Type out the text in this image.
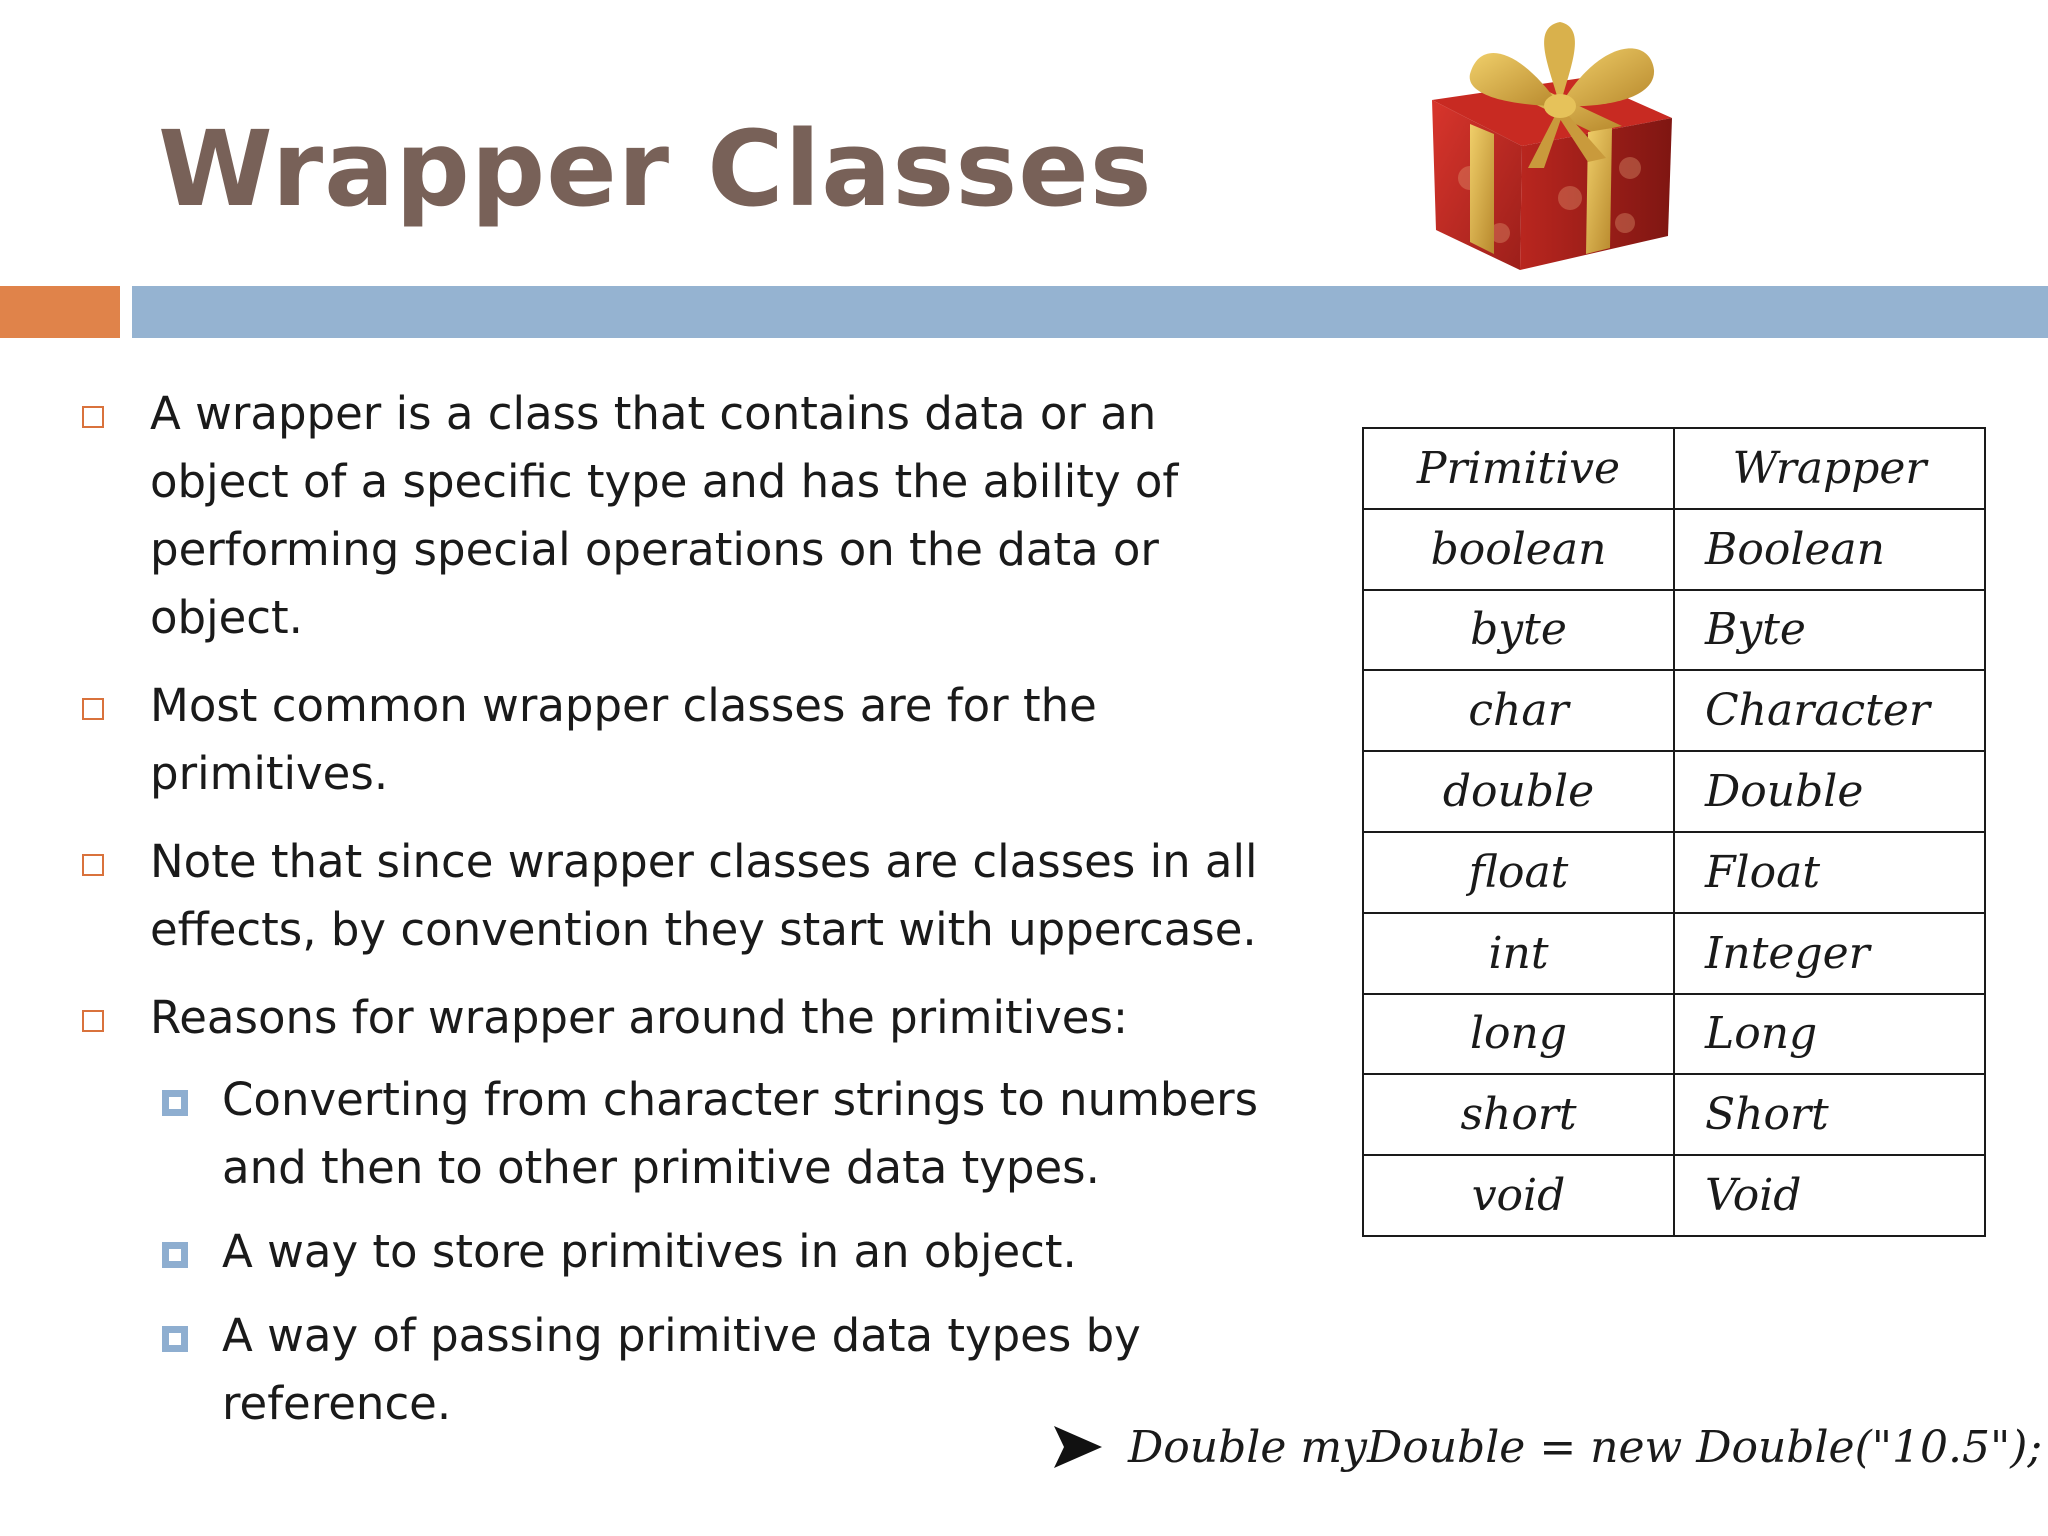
Wrapper Classes
A wrapper is a class that contains data or an object of a specific type and has the ability of performing special operations on the data or object.
Most common wrapper classes are for the primitives.
Note that since wrapper classes are classes in all effects, by convention they start with uppercase.
Reasons for wrapper around the primitives:
Converting from character strings to numbers and then to other primitive data types.
A way to store primitives in an object.
A way of passing primitive data types by reference.
Primitive	Wrapper
boolean	Boolean
byte	Byte
char	Character
double	Double
float	Float
int	Integer
long	Long
short	Short
void	Void
Double myDouble = new Double("10.5");
